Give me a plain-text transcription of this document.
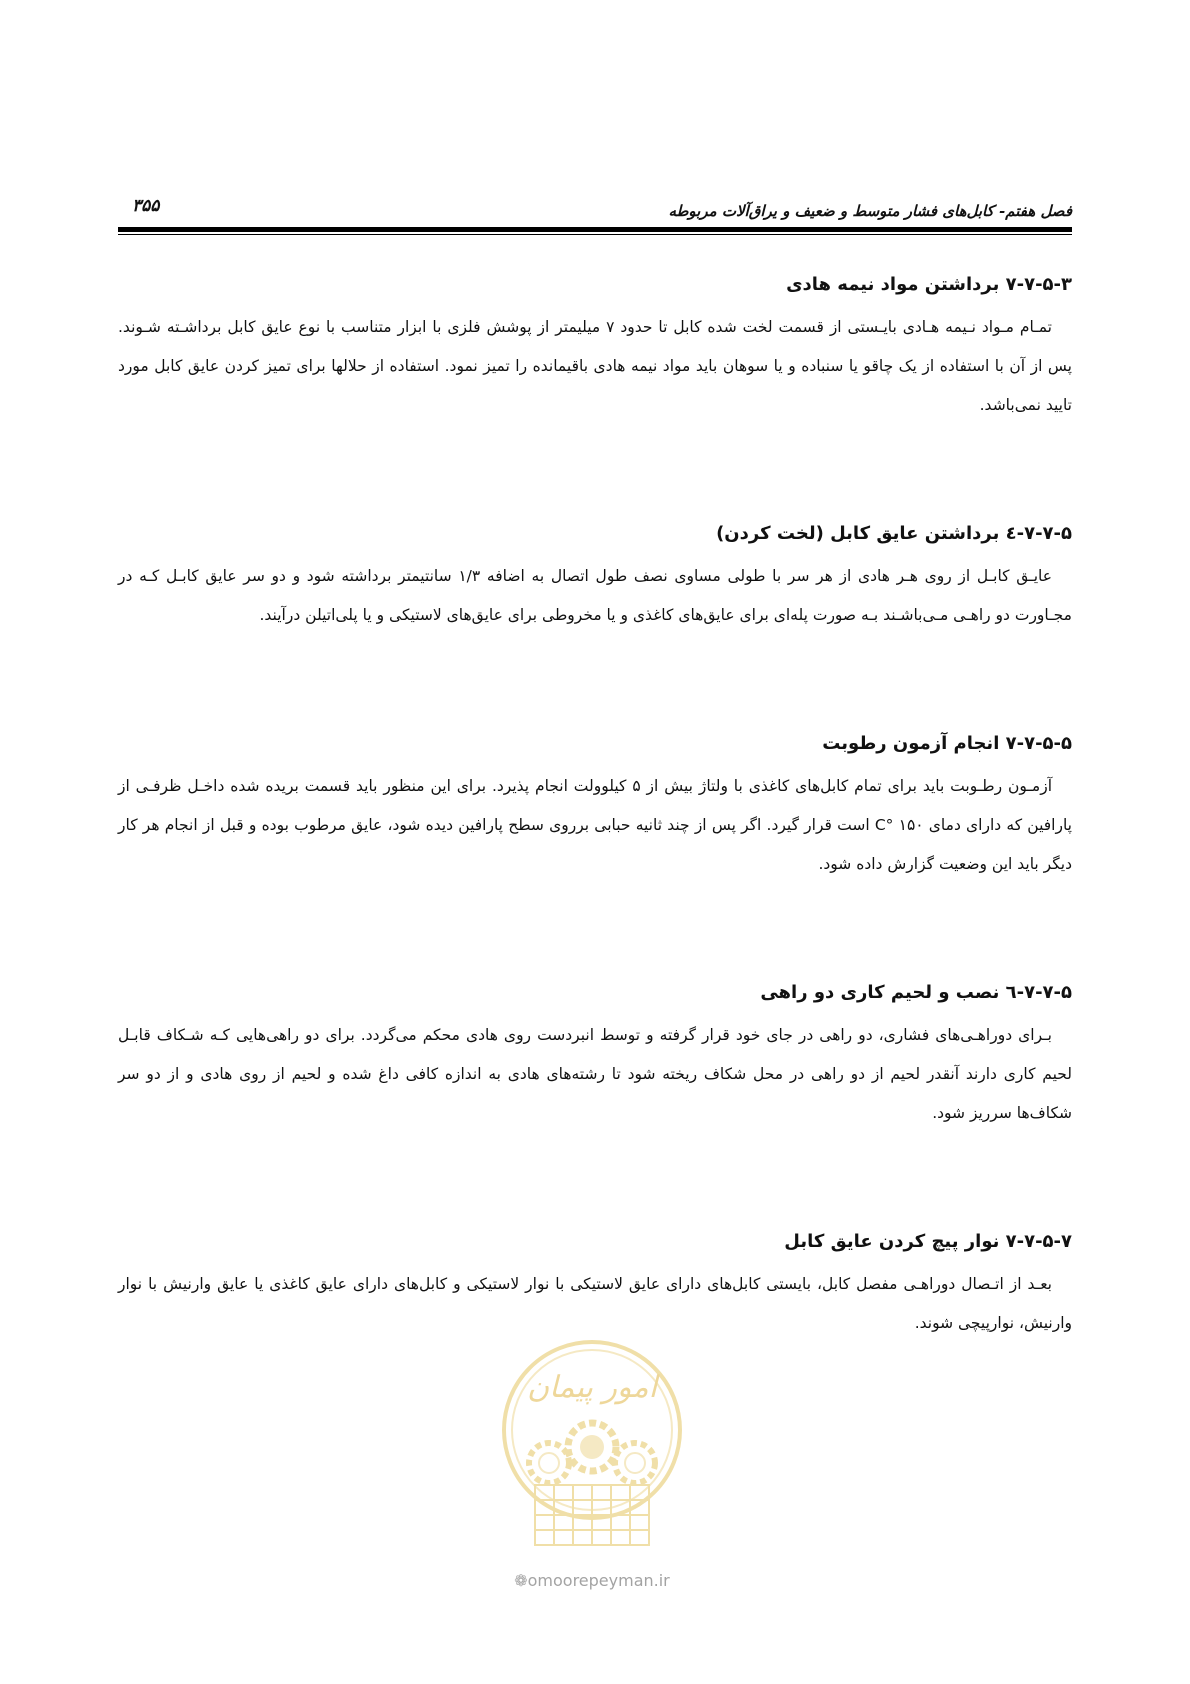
فصل هفتم- کابل‌های فشار متوسط و ضعیف و یراق‌آلات مربوطه
۳۵۵
۷-۷-۵-۳ برداشتن مواد نیمه هادی

تمـام مـواد نـیمه هـادی بایـستی از قسمت لخت شده کابل تا حدود ۷ میلیمتر از پوشش فلزی با ابزار متناسب با نوع عایق کابل برداشـته شـوند. پس از آن با استفاده از یک چاقو یا سنباده و یا سوهان باید مواد نیمه هادی باقیمانده را تمیز نمود. استفاده از حلالها برای تمیز کردن عایق کابل مورد تایید نمی‌باشد.

۷-۷-۵-٤ برداشتن عایق کابل (لخت کردن)

عایـق کابـل از روی هـر هادی از هر سر با طولی مساوی نصف طول اتصال به اضافه ۱/۳ سانتیمتر برداشته شود و دو سر عایق کابـل کـه در مجـاورت دو راهـی مـی‌باشـند بـه صورت پله‌ای برای عایق‌های کاغذی و یا مخروطی برای عایق‌های لاستیکی و یا پلی‌اتیلن درآیند.

۷-۷-۵-۵ انجام آزمون رطوبت

آزمـون رطـوبت باید برای تمام کابل‌های کاغذی با ولتاژ بیش از ۵ کیلوولت انجام پذیرد. برای این منظور باید قسمت بریده شده داخـل ظرفـی از پارافین که دارای دمای C° ۱۵۰ است قرار گیرد. اگر پس از چند ثانیه حبابی برروی سطح پارافین دیده شود، عایق مرطوب بوده و قبل از انجام هر کار دیگر باید این وضعیت گزارش داده شود.

۷-۷-۵-٦ نصب و لحیم کاری دو راهی

بـرای دوراهـی‌های فشاری، دو راهی در جای خود قرار گرفته و توسط انبردست روی هادی محکم می‌گردد. برای دو راهی‌هایی کـه شـکاف قابـل لحیم کاری دارند آنقدر لحیم از دو راهی در محل شکاف ریخته شود تا رشته‌های هادی به اندازه کافی داغ شده و لحیم از روی هادی و از دو سر شکاف‌ها سرریز شود.

۷-۷-۵-۷ نوار پیچ کردن عایق کابل

بعـد از اتـصال دوراهـی مفصل کابل، بایستی کابل‌های دارای عایق لاستیکی با نوار لاستیکی و کابل‌های دارای عایق کاغذی یا عایق وارنیش با نوار وارنیش، نوارپیچی شوند.

امور پیمان
❁omoorepeyman.ir
